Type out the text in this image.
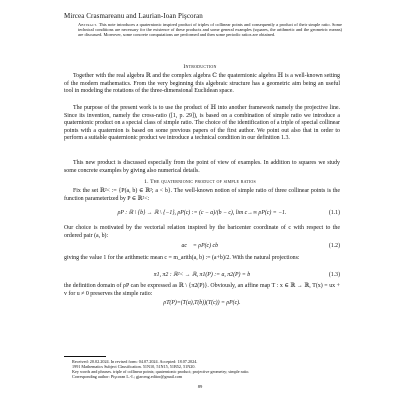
Mircea Crasmareanu and Laurian-Ioan Pişcoran
Abstract. This note introduces a quaternionic inspired product of triples of collinear points and consequently a product of their simple ratio. Some technical conditions are necessary for the existence of these products and some general examples (squares, the arithmetic and the geometric means) are discussed. Moreover, some concrete computations are performed and then some periodic ratios are obtained.
Introduction
Together with the real algebra ℝ and the complex algebra ℂ the quaternionic algebra ℍ is a well-known setting of the modern mathematics. From the very beginning this algebraic structure has a geometric aim being an useful tool in modeling the rotations of the three-dimensional Euclidean space.
The purpose of the present work is to use the product of ℍ into another framework namely the projective line. Since its invention, namely the cross-ratio ([1, p. 29]), is based on a combination of simple ratio we introduce a quaternionic product on a special class of simple ratio. The choice of the identification of a triple of special collinear points with a quaternion is based on some previous papers of the first author. We point out also that in order to perform a suitable quaternionic product we introduce a technical condition in our definition 1.3.
This new product is discussed especially from the point of view of examples. In addition to squares we study some concrete examples by giving also numerical details.
1. The quaternionic product of simple ratios
Fix the set ℝ²< := {P(a, b) ∈ ℝ²; a < b}. The well-known notion of simple ratio of three collinear points is the function parameterized by P ∈ ℝ²<:
ρP : ℝ \ {b} → ℝ \ {−1}, ρP(c) := (c − a)/(b − c), lim c→∞ ρP(c) = −1.	(1.1)
Our choice is motivated by the vectorial relation inspired by the baricenter coordinate of c with respect to the ordered pair (a, b):
ac⃗ = ρP(c) cb⃗	(1.2)
giving the value 1 for the arithmetic mean c = m_arith(a, b) := (a+b)/2. With the natural projections:
π1, π2 : ℝ²< → ℝ, π1(P) := a, π2(P) = b	(1.3)
the definition domain of ρP can be expressed as ℝ \ {π2(P)}. Obviously, an affine map T : x ∈ ℝ → ℝ, T(x) = ux + v for u ≠ 0 preserves the simple ratio:
ρT(P)=(T(a),T(b))(T(c)) = ρP(c).
Received: 20.02.2024. In revised form: 04.07.2024. Accepted: 18.07.2024.
1991 Mathematics Subject Classification. 51N10, 51N15, 51B52, 51N20.
Key words and phrases. triple of collinear points; quaternionic product; projective geometry; simple ratio.
Corresponding author: Pişcoran L.-I.; gjarcmg.editor@gmail.com
89
